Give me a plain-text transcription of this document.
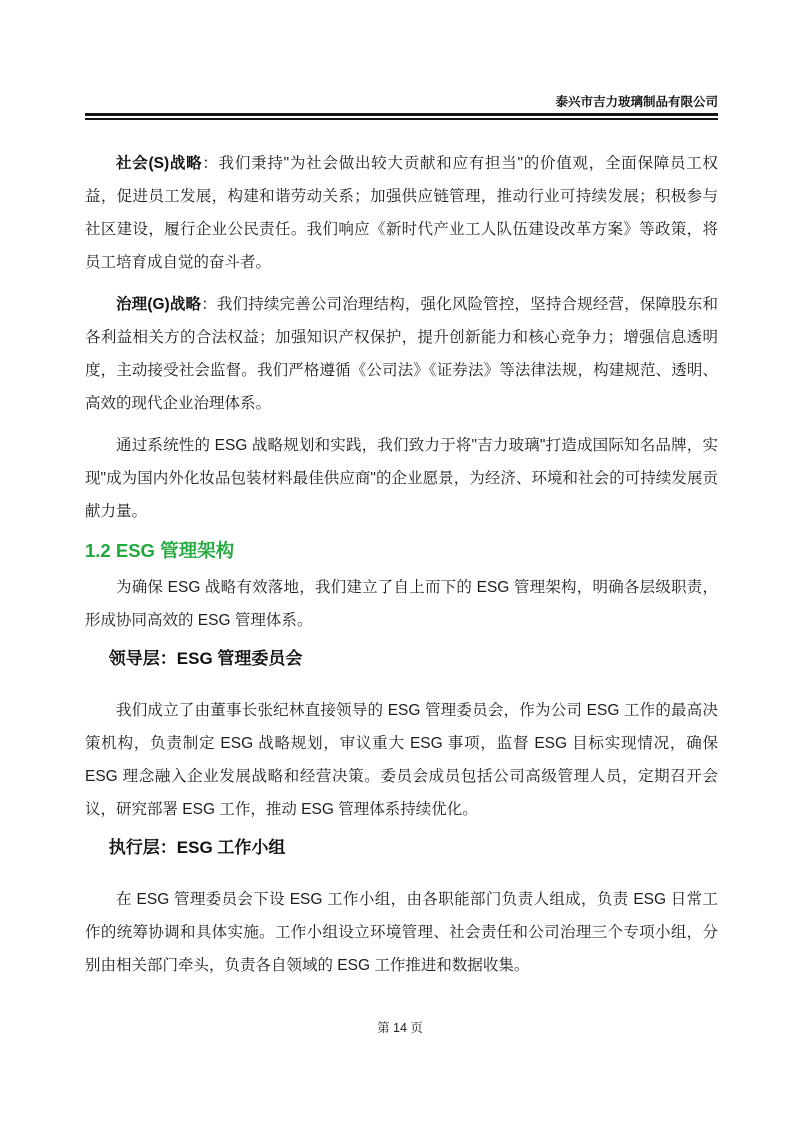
泰兴市吉力玻璃制品有限公司

社会(S)战略：我们秉持"为社会做出较大贡献和应有担当"的价值观，全面保障员工权益，促进员工发展，构建和谐劳动关系；加强供应链管理，推动行业可持续发展；积极参与社区建设，履行企业公民责任。我们响应《新时代产业工人队伍建设改革方案》等政策，将员工培育成自觉的奋斗者。

治理(G)战略：我们持续完善公司治理结构，强化风险管控，坚持合规经营，保障股东和各利益相关方的合法权益；加强知识产权保护，提升创新能力和核心竞争力；增强信息透明度，主动接受社会监督。我们严格遵循《公司法》《证券法》等法律法规，构建规范、透明、高效的现代企业治理体系。

通过系统性的 ESG 战略规划和实践，我们致力于将"吉力玻璃"打造成国际知名品牌，实现"成为国内外化妆品包装材料最佳供应商"的企业愿景，为经济、环境和社会的可持续发展贡献力量。

1.2 ESG 管理架构

为确保 ESG 战略有效落地，我们建立了自上而下的 ESG 管理架构，明确各层级职责，形成协同高效的 ESG 管理体系。

领导层：ESG 管理委员会

我们成立了由董事长张纪林直接领导的 ESG 管理委员会，作为公司 ESG 工作的最高决策机构，负责制定 ESG 战略规划，审议重大 ESG 事项，监督 ESG 目标实现情况，确保 ESG 理念融入企业发展战略和经营决策。委员会成员包括公司高级管理人员，定期召开会议，研究部署 ESG 工作，推动 ESG 管理体系持续优化。

执行层：ESG 工作小组

在 ESG 管理委员会下设 ESG 工作小组，由各职能部门负责人组成，负责 ESG 日常工作的统筹协调和具体实施。工作小组设立环境管理、社会责任和公司治理三个专项小组，分别由相关部门牵头，负责各自领域的 ESG 工作推进和数据收集。

第 14 页
